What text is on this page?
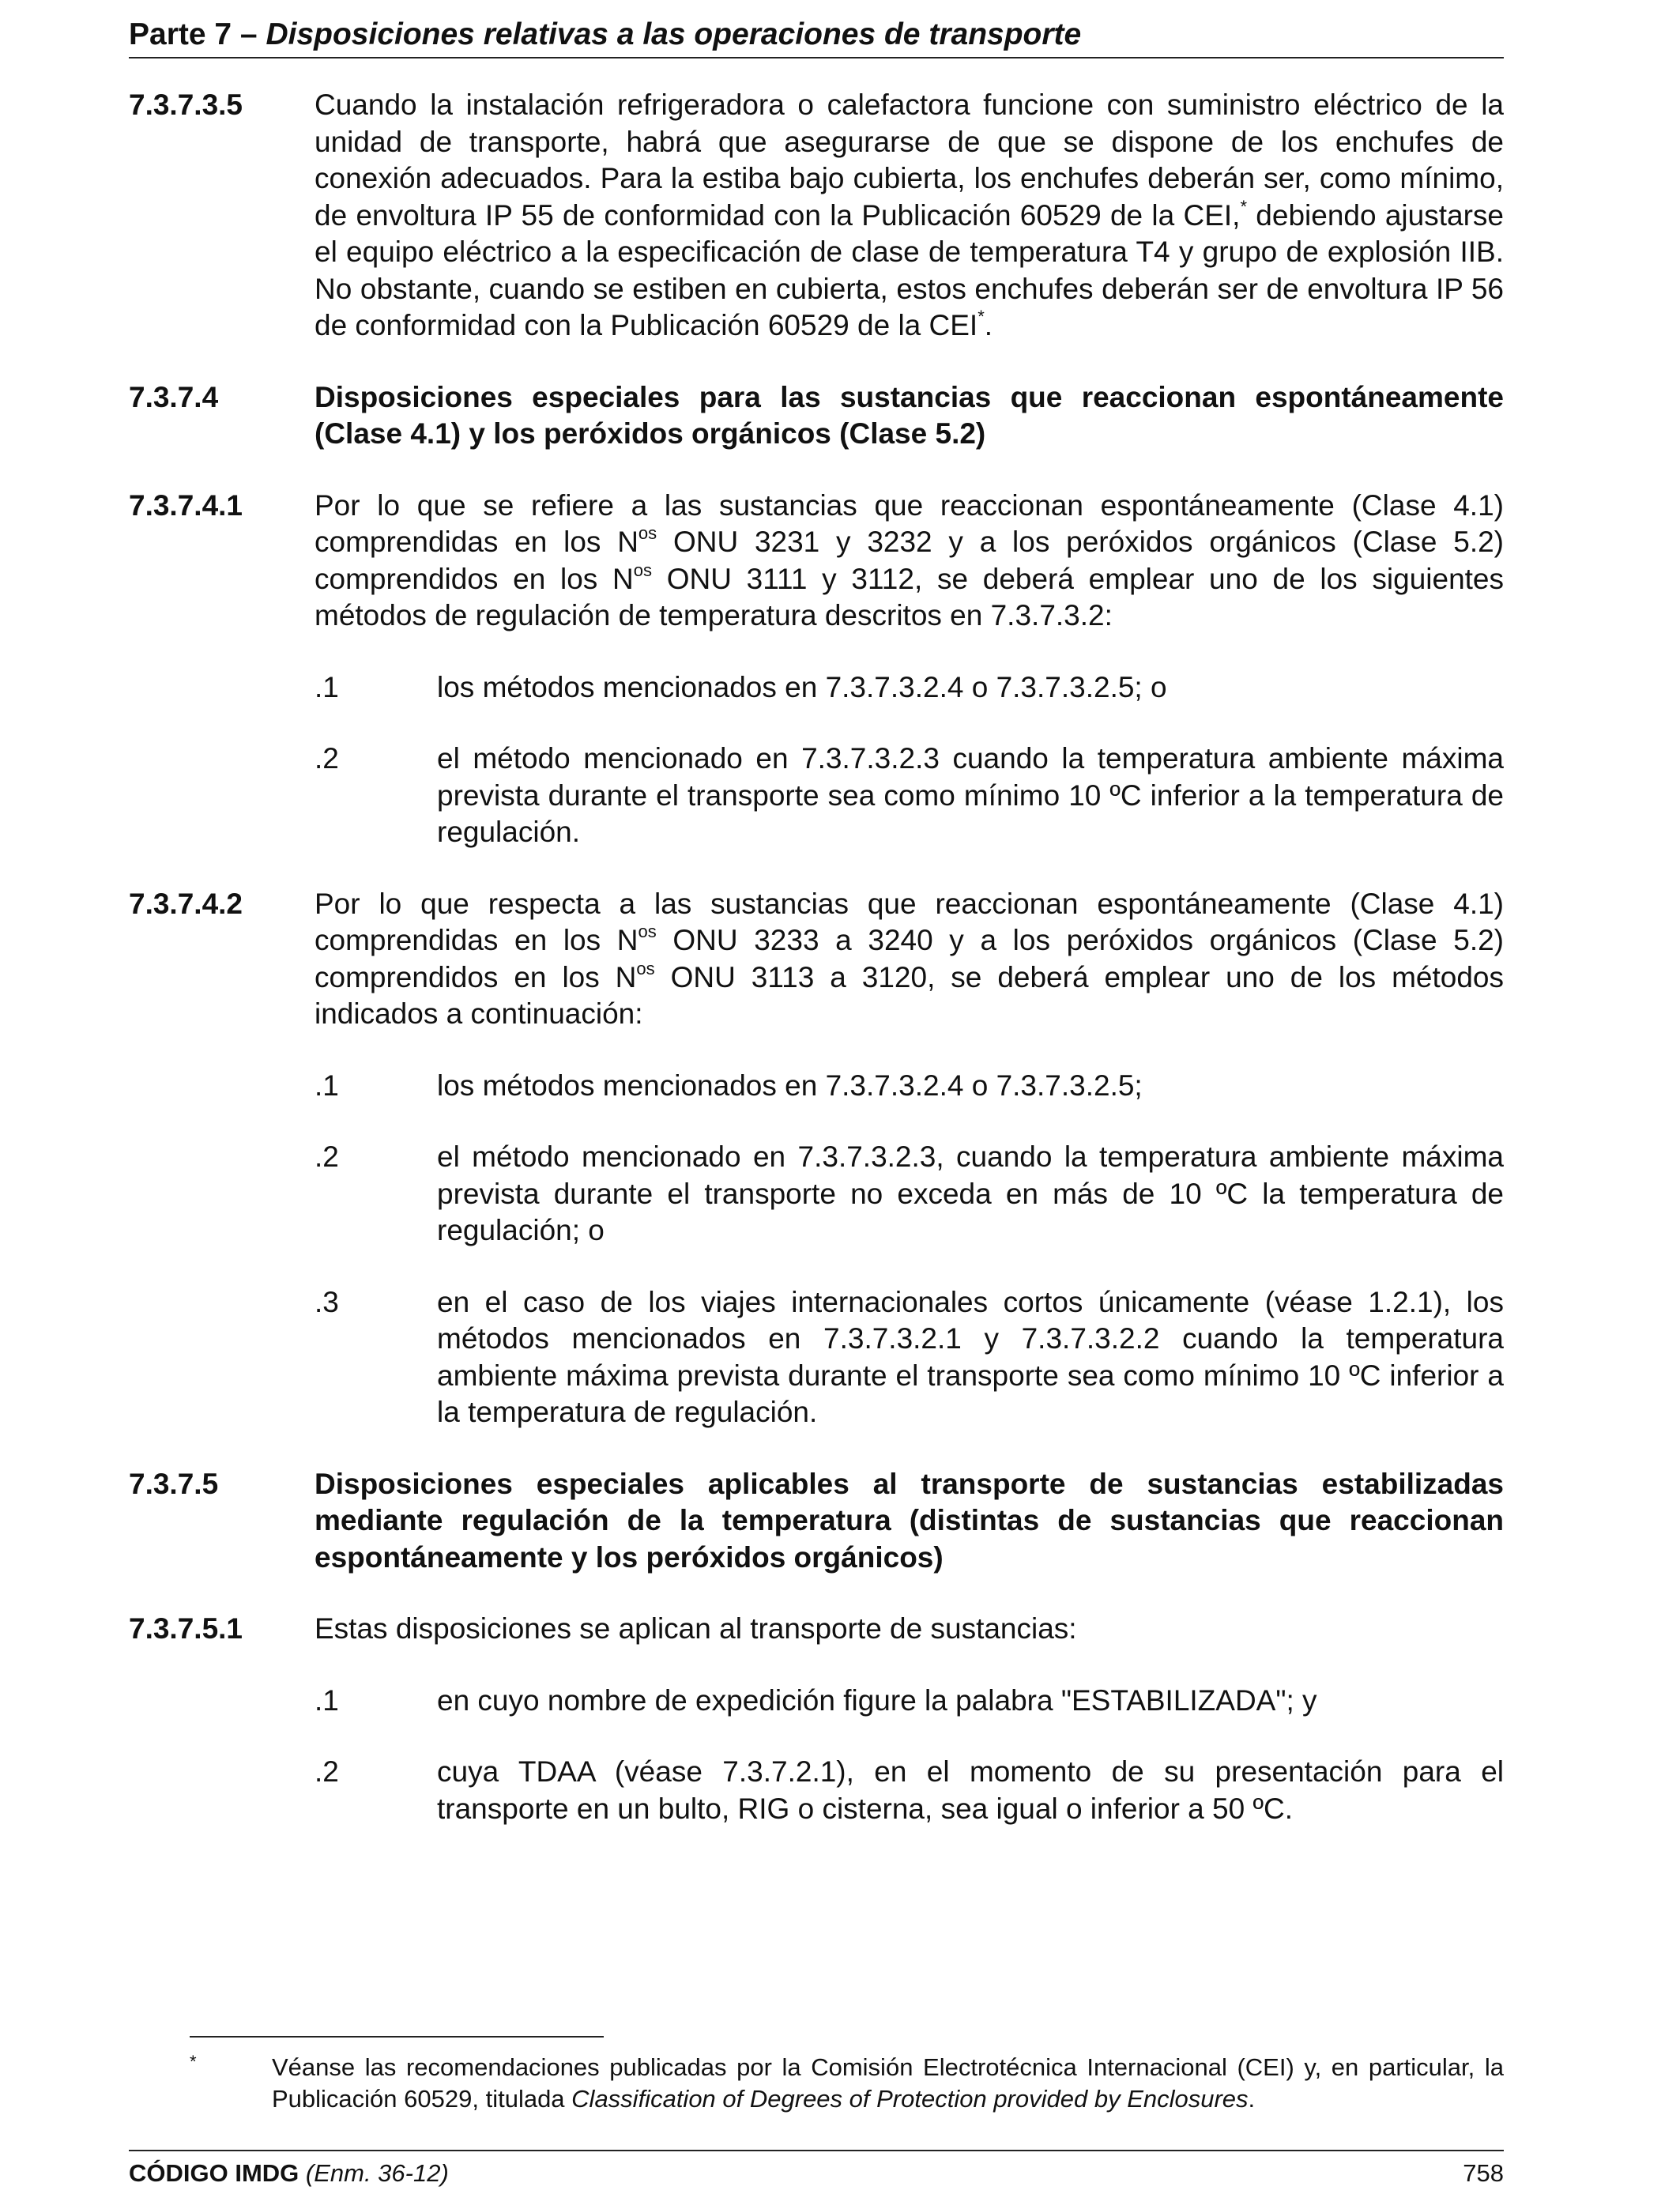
Parte 7 – Disposiciones relativas a las operaciones de transporte
7.3.7.3.5	Cuando la instalación refrigeradora o calefactora funcione con suministro eléctrico de la unidad de transporte, habrá que asegurarse de que se dispone de los enchufes de conexión adecuados. Para la estiba bajo cubierta, los enchufes deberán ser, como mínimo, de envoltura IP 55 de conformidad con la Publicación 60529 de la CEI,* debiendo ajustarse el equipo eléctrico a la especificación de clase de temperatura T4 y grupo de explosión IIB. No obstante, cuando se estiben en cubierta, estos enchufes deberán ser de envoltura IP 56 de conformidad con la Publicación 60529 de la CEI*.
7.3.7.4	Disposiciones especiales para las sustancias que reaccionan espontáneamente (Clase 4.1) y los peróxidos orgánicos (Clase 5.2)
7.3.7.4.1	Por lo que se refiere a las sustancias que reaccionan espontáneamente (Clase 4.1) comprendidas en los $N^{os}$ ONU 3231 y 3232 y a los peróxidos orgánicos (Clase 5.2) comprendidos en los $N^{os}$ ONU 3111 y 3112, se deberá emplear uno de los siguientes métodos de regulación de temperatura descritos en 7.3.7.3.2:

.1	los métodos mencionados en 7.3.7.3.2.4 o 7.3.7.3.2.5; o
.2	el método mencionado en 7.3.7.3.2.3 cuando la temperatura ambiente máxima prevista durante el transporte sea como mínimo 10 ºC inferior a la temperatura de regulación.
7.3.7.4.2	Por lo que respecta a las sustancias que reaccionan espontáneamente (Clase 4.1) comprendidas en los $N^{os}$ ONU 3233 a 3240 y a los peróxidos orgánicos (Clase 5.2) comprendidos en los $N^{os}$ ONU 3113 a 3120, se deberá emplear uno de los métodos indicados a continuación:

.1	los métodos mencionados en 7.3.7.3.2.4 o 7.3.7.3.2.5;
.2	el método mencionado en 7.3.7.3.2.3, cuando la temperatura ambiente máxima prevista durante el transporte no exceda en más de 10 ºC la temperatura de regulación; o
.3	en el caso de los viajes internacionales cortos únicamente (véase 1.2.1), los métodos mencionados en 7.3.7.3.2.1 y 7.3.7.3.2.2 cuando la temperatura ambiente máxima prevista durante el transporte sea como mínimo 10 ºC inferior a la temperatura de regulación.
7.3.7.5	Disposiciones especiales aplicables al transporte de sustancias estabilizadas mediante regulación de la temperatura (distintas de sustancias que reaccionan espontáneamente y los peróxidos orgánicos)
7.3.7.5.1	Estas disposiciones se aplican al transporte de sustancias:

.1	en cuyo nombre de expedición figure la palabra "ESTABILIZADA"; y
.2	cuya TDAA (véase 7.3.7.2.1), en el momento de su presentación para el transporte en un bulto, RIG o cisterna, sea igual o inferior a 50 ºC.
*	Véanse las recomendaciones publicadas por la Comisión Electrotécnica Internacional (CEI) y, en particular, la Publicación 60529, titulada Classification of Degrees of Protection provided by Enclosures.
CÓDIGO IMDG (Enm. 36-12)	758
